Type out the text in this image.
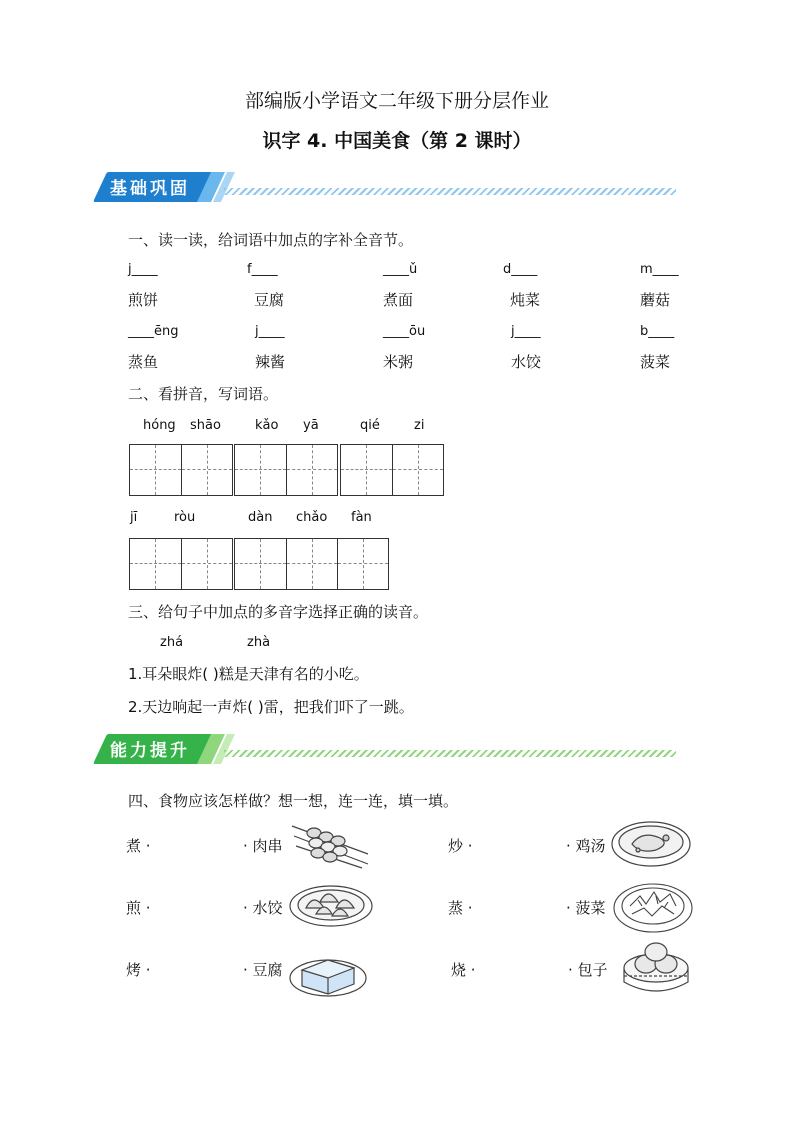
部编版小学语文二年级下册分层作业
识字 4. 中国美食（第 2 课时）
基础巩固
一、读一读，给词语中加点的字补全音节。
j____	f____	____ǔ	d____	m____
煎饼	豆腐	煮面	炖菜	蘑菇
____ēng	j____	____ōu	j____	b____
蒸鱼	辣酱	米粥	水饺	菠菜
二、看拼音，写词语。
hóng shāo	kǎo yā	qié	zi
jī	ròu	dàn chǎo fàn
三、给句子中加点的多音字选择正确的读音。
zhá	zhà
1.耳朵眼炸( )糕是天津有名的小吃。
2.天边响起一声炸( )雷，把我们吓了一跳。
能力提升
四、食物应该怎样做？想一想，连一连，填一填。
煮 ·	· 肉串	炒 ·	· 鸡汤
煎 ·	· 水饺	蒸 ·	· 菠菜
烤 ·	· 豆腐	烧 ·	· 包子
